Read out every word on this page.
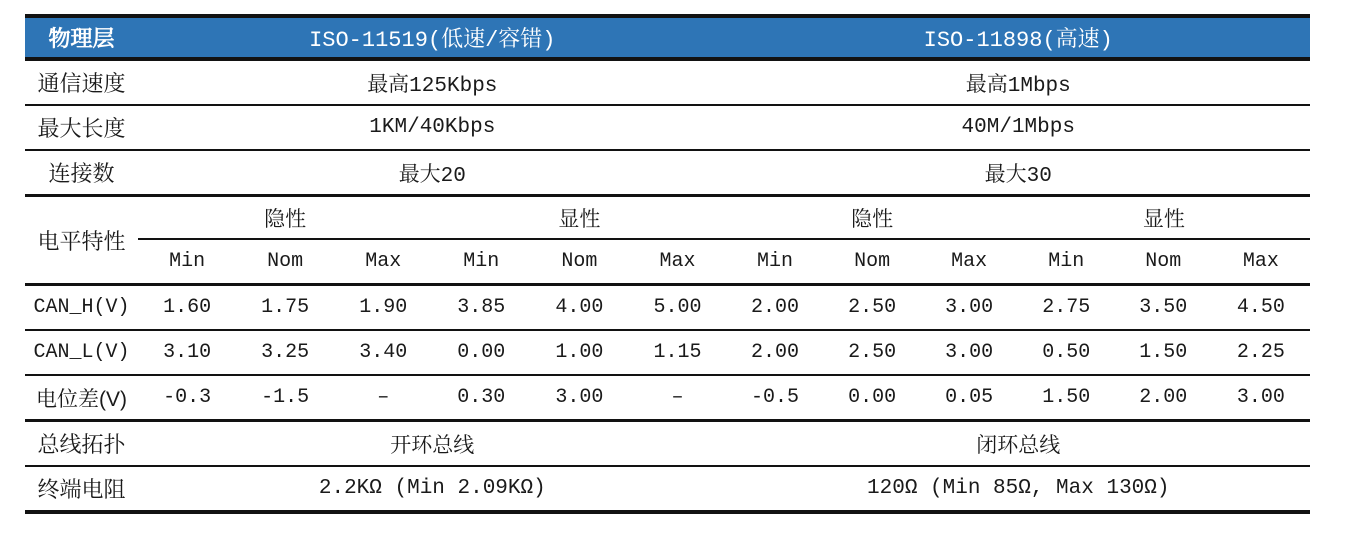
物理层	ISO-11519(低速/容错)						ISO-11898(高速)					
通信速度	最高125Kbps						最高1Mbps					
最大长度	1KM/40Kbps						40M/1Mbps					
连接数	最大20						最大30					
电平特性	隐性			显性			隐性			显性		
	Min	Nom	Max	Min	Nom	Max	Min	Nom	Max	Min	Nom	Max
CAN_H(V)	1.60	1.75	1.90	3.85	4.00	5.00	2.00	2.50	3.00	2.75	3.50	4.50
CAN_L(V)	3.10	3.25	3.40	0.00	1.00	1.15	2.00	2.50	3.00	0.50	1.50	2.25
电位差(V)	-0.3	-1.5	–	0.30	3.00	–	-0.5	0.00	0.05	1.50	2.00	3.00
总线拓扑	开环总线						闭环总线					
终端电阻	2.2KΩ (Min 2.09KΩ)						120Ω (Min 85Ω, Max 130Ω)					
